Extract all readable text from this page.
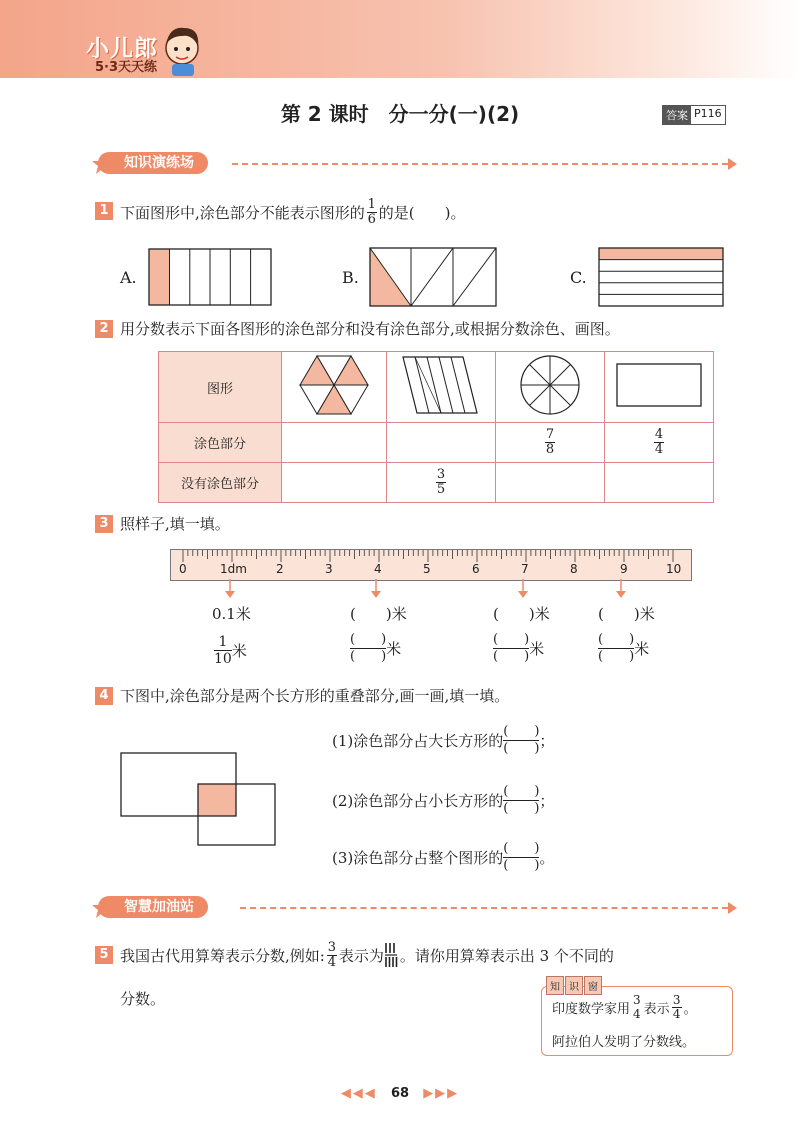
小儿郎
5·3天天练
第 2 课时　分一分(一)(2)	答案 P116
知识演练场
1 下面图形中,涂色部分不能表示图形的 $\frac{1}{6}$ 的是(　　)。
A.	B.	C.
2 用分数表示下面各图形的涂色部分和没有涂色部分,或根据分数涂色、画图。
图形				
涂色部分			$\frac{7}{8}$	$\frac{4}{4}$

没有涂色部分		$\frac{3}{5}$

3 照样子,填一填。
0	1dm 2	3	4	5	6	7	8	9	10
0.1米	(　　)米	(　　)米	(　　)米
$\frac{1}{10}$ 米	$\frac{( )}{( )}$ 米	$\frac{( )}{( )}$ 米	$\frac{( )}{( )}$ 米
4 下图中,涂色部分是两个长方形的重叠部分,画一画,填一填。
(1)涂色部分占大长方形的 $\frac{( )}{( )}$ ；
(2)涂色部分占小长方形的 $\frac{( )}{( )}$ ；
(3)涂色部分占整个图形的 $\frac{( )}{( )}$ 。
智慧加油站
5 我国古代用算筹表示分数,例如: $\frac{3}{4}$ 表示为 。请你用算筹表示出 3 个不同的
分数。
知 识 窗
印度数学家用
3
4 表示 $\frac{3}{4}$ 。
阿拉伯人发明了分数线。
◀◀◀ 68 ▶▶▶
